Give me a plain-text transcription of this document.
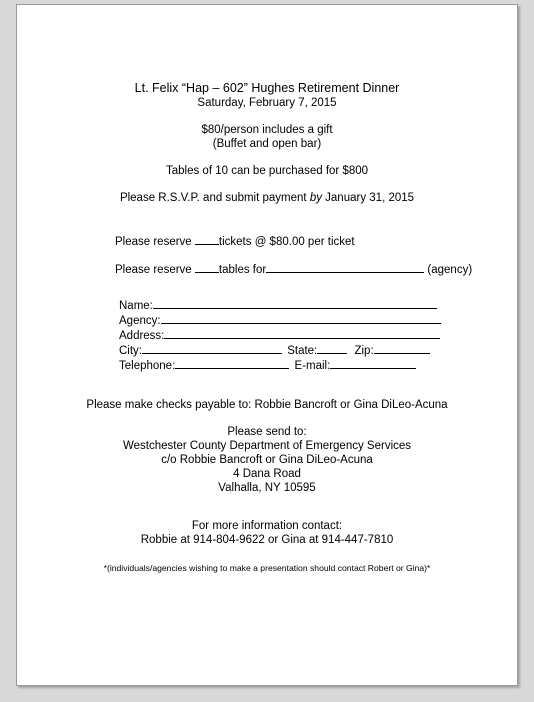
Lt. Felix “Hap – 602” Hughes Retirement Dinner
Saturday, February 7, 2015
$80/person includes a gift
(Buffet and open bar)
Tables of 10 can be purchased for $800
Please R.S.V.P. and submit payment by January 31, 2015
Please reserve tickets @ $80.00 per ticket
Please reserve tables for	(agency)
Name:
Agency:
Address:
City:	State:	Zip:
Telephone:	E-mail:
Please make checks payable to: Robbie Bancroft or Gina DiLeo-Acuna
Please send to:
Westchester County Department of Emergency Services
c/o Robbie Bancroft or Gina DiLeo-Acuna
4 Dana Road
Valhalla, NY 10595
For more information contact:
Robbie at 914-804-9622 or Gina at 914-447-7810
*(individuals/agencies wishing to make a presentation should contact Robert or Gina)*
